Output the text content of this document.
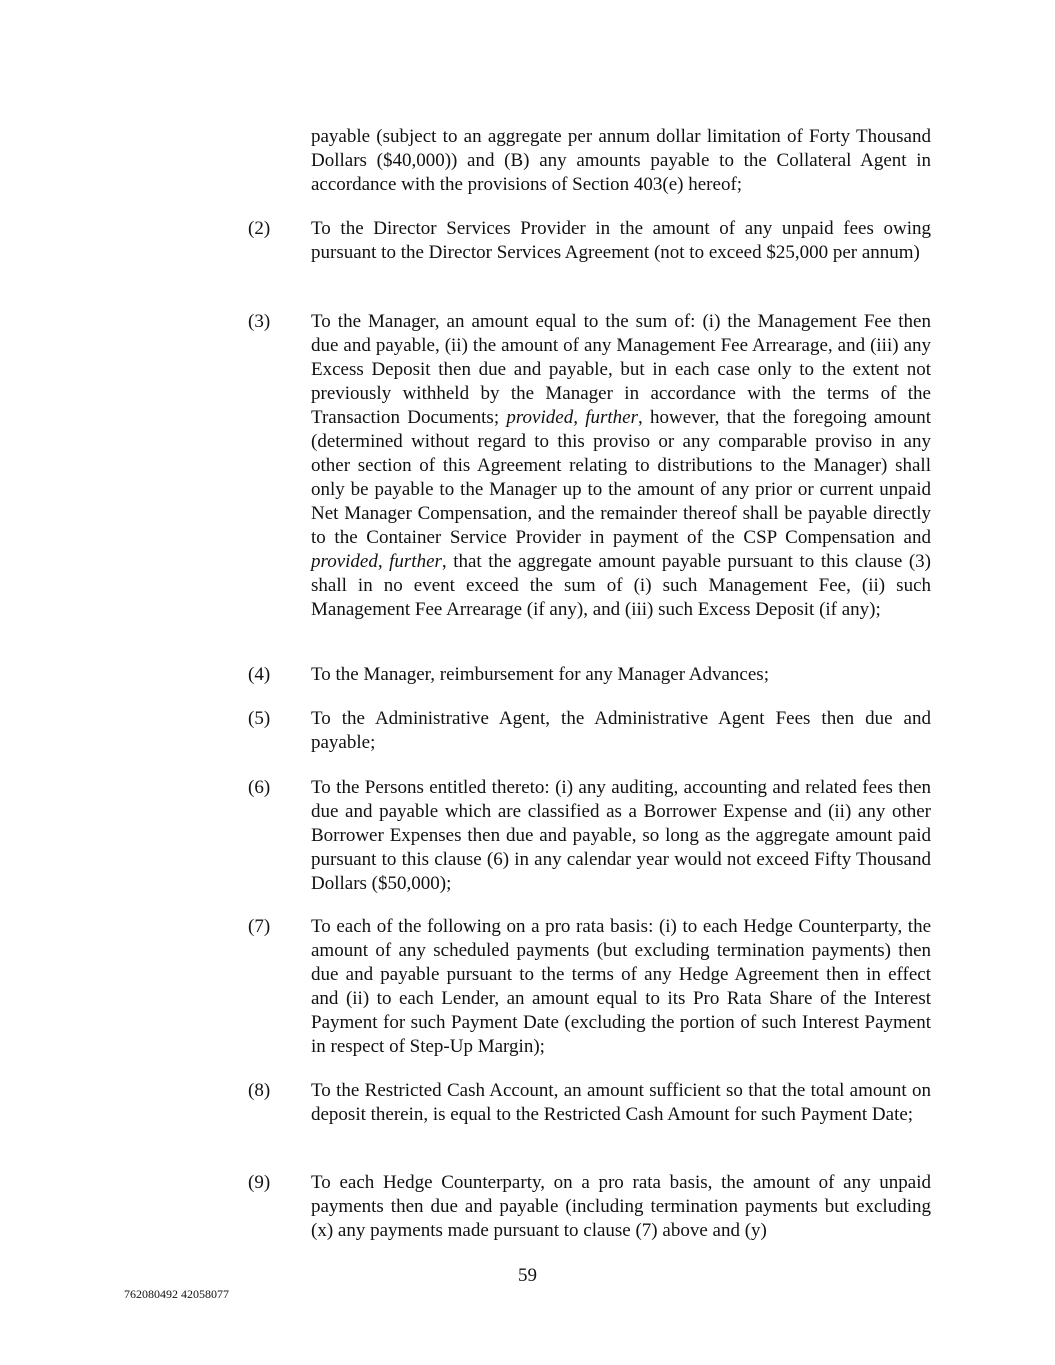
payable (subject to an aggregate per annum dollar limitation of Forty Thousand Dollars ($40,000)) and (B) any amounts payable to the Collateral Agent in accordance with the provisions of Section 403(e) hereof;

(2)	To the Director Services Provider in the amount of any unpaid fees owing pursuant to the Director Services Agreement (not to exceed $25,000 per annum)
(3)	To the Manager, an amount equal to the sum of: (i) the Management Fee then due and payable, (ii) the amount of any Management Fee Arrearage, and (iii) any Excess Deposit then due and payable, but in each case only to the extent not previously withheld by the Manager in accordance with the terms of the Transaction Documents; provided, further, however, that the foregoing amount (determined without regard to this proviso or any comparable proviso in any other section of this Agreement relating to distributions to the Manager) shall only be payable to the Manager up to the amount of any prior or current unpaid Net Manager Compensation, and the remainder thereof shall be payable directly to the Container Service Provider in payment of the CSP Compensation and provided, further, that the aggregate amount payable pursuant to this clause (3) shall in no event exceed the sum of (i) such Management Fee, (ii) such Management Fee Arrearage (if any), and (iii) such Excess Deposit (if any);
(4)	To the Manager, reimbursement for any Manager Advances;
(5)	To the Administrative Agent, the Administrative Agent Fees then due and payable;
(6)	To the Persons entitled thereto: (i) any auditing, accounting and related fees then due and payable which are classified as a Borrower Expense and (ii) any other Borrower Expenses then due and payable, so long as the aggregate amount paid pursuant to this clause (6) in any calendar year would not exceed Fifty Thousand Dollars ($50,000);
(7)	To each of the following on a pro rata basis: (i) to each Hedge Counterparty, the amount of any scheduled payments (but excluding termination payments) then due and payable pursuant to the terms of any Hedge Agreement then in effect and (ii) to each Lender, an amount equal to its Pro Rata Share of the Interest Payment for such Payment Date (excluding the portion of such Interest Payment in respect of Step-Up Margin);
(8)	To the Restricted Cash Account, an amount sufficient so that the total amount on deposit therein, is equal to the Restricted Cash Amount for such Payment Date;
(9)	To each Hedge Counterparty, on a pro rata basis, the amount of any unpaid payments then due and payable (including termination payments but excluding (x) any payments made pursuant to clause (7) above and (y)
59
762080492 42058077
